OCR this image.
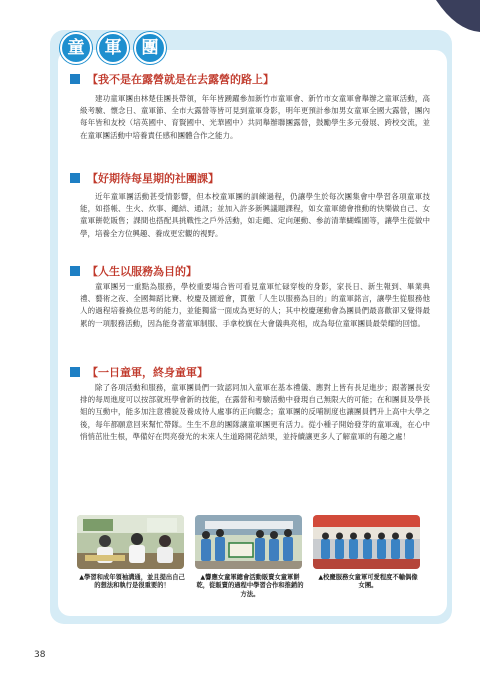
童	軍	團
【我不是在露營就是在去露營的路上】

建功童軍團由林楚佳團長帶領，年年皆踴躍參加新竹市童軍會、新竹市女童軍會舉辦之童軍活動，高級考驗、懷念日、童軍節、全市大露營等皆可見到童軍身影，明年更預計參加男女童軍全國大露營，團內每年皆和友校（培英國中、育賢國中、光華國中）共同舉辦聯團露營，鼓勵學生多元發展、跨校交流，並在童軍團活動中培養責任感和團體合作之能力。

【好期待每星期的社團課】

近年童軍團活動甚受情影響，但本校童軍團的訓練過程，仍讓學生於每次團集會中學習各項童軍技能，如搭帳、生火、炊事、繩結、通訊；並加入許多新興議題課程，如女童軍總會推動的快樂做自己、女童軍餅乾販售；課間也搭配具挑戰性之戶外活動，如走繩、定向運動、參訪清華蝴蝶園等，讓學生從做中學，培養全方位興趣、養成更宏觀的視野。

【人生以服務為目的】

童軍團另一重點為服務，學校重要場合皆可看見童軍忙碌穿梭的身影，家長日、新生報到、畢業典禮、藝術之夜、全國舞蹈比賽、校慶及園遊會，貫徹「人生以服務為目的」的童軍銘言，讓學生從服務他人的過程培養換位思考的能力，並能獨當一面成為更好的人；其中校慶運動會為團員們最喜歡卻又覺得最累的一項服務活動，因為能身著童軍制服、手拿校旗在大會儀典亮相，成為每位童軍團員最榮耀的回憶。

【一日童軍，終身童軍】

除了各項活動和服務，童軍團員們一致認同加入童軍在基本禮儀、應對上皆有長足進步；跟著團長安排的每周進度可以按部就班學會新的技能，在露營和考驗活動中發現自己無限大的可能；在和團員及學長姐的互動中，能多加注意禮貌及養成待人處事的正向觀念；童軍團的反哺制度也讓團員們升上高中大學之後，每年都願意回來幫忙帶隊。生生不息的團隊讓童軍團更有活力。從小種子開始發芽的童軍魂，在心中悄悄茁壯生根，準備好在閃亮發光的未來人生道路開花結果，並持續讓更多人了解童軍的有趣之處！

▲學習和成年領袖溝通，並且提出自己的想法和執行是很重要的！
▲響應女童軍總會活動販賣女童軍餅乾，從販賣的過程中學習合作和推銷的方法。
▲校慶服務女童軍可愛程度不輸偶像女團。
38
